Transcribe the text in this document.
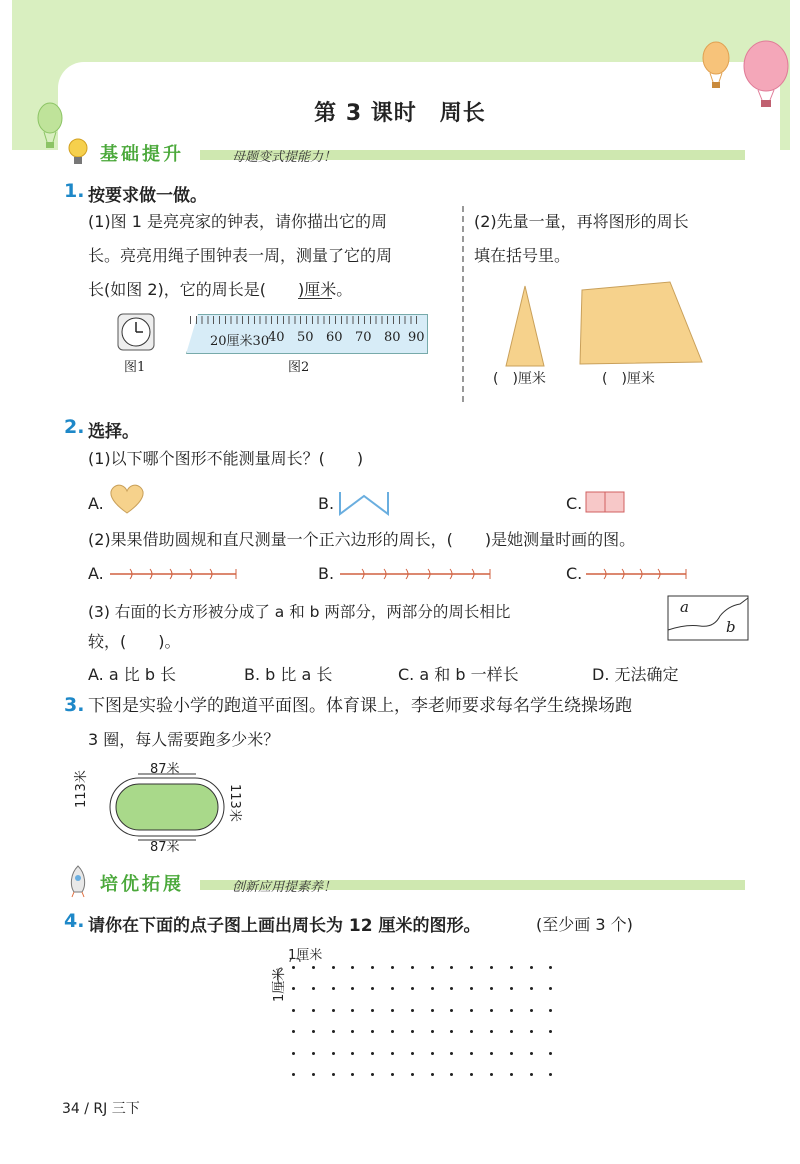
第 3 课时　周长
基础提升	母题变式提能力！
1. 按要求做一做。
(1)图 1 是亮亮家的钟表，请你描出它的周
长。亮亮用绳子围钟表一周，测量了它的周
长(如图 2)，它的周长是(　　)厘米。
图1
20厘米30
40 50 60 70 80 90
图2
(2)先量一量，再将图形的周长
填在括号里。
(　)厘米	(　)厘米
2. 选择。
(1)以下哪个图形不能测量周长？(　　)
A.	B.	C.
(2)果果借助圆规和直尺测量一个正六边形的周长，(　　)是她测量时画的图。
A.	B.	C.
(3) 右面的长方形被分成了 a 和 b 两部分，两部分的周长相比
较，(　　)。
a
b
A. a 比 b 长	B. b 比 a 长	C. a 和 b 一样长	D. 无法确定
3. 下图是实验小学的跑道平面图。体育课上，李老师要求每名学生绕操场跑
3 圈，每人需要跑多少米？
87米
87米
113米	113米
培优拓展	创新应用提素养！
4. 请你在下面的点子图上画出周长为 12 厘米的图形。	(至少画 3 个)
1厘米
1厘米
34 / RJ 三下
